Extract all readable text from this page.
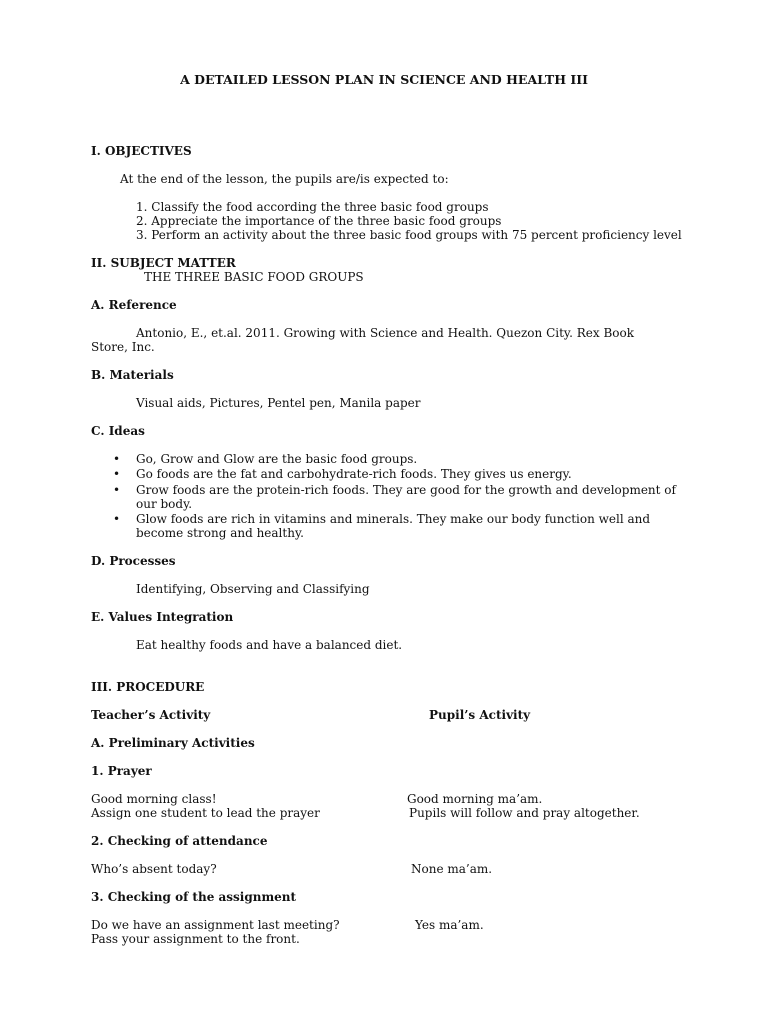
A DETAILED LESSON PLAN IN SCIENCE AND HEALTH III
I. OBJECTIVES
At the end of the lesson, the pupils are/is expected to:
1. Classify the food according the three basic food groups
2. Appreciate the importance of the three basic food groups
3. Perform an activity about the three basic food groups with 75 percent proficiency level
II. SUBJECT MATTER
THE THREE BASIC FOOD GROUPS
A. Reference
Antonio, E., et.al. 2011. Growing with Science and Health. Quezon City. Rex Book
Store, Inc.
B. Materials
Visual aids, Pictures, Pentel pen, Manila paper
C. Ideas
• Go, Grow and Glow are the basic food groups.
• Go foods are the fat and carbohydrate-rich foods. They gives us energy.
• Grow foods are the protein-rich foods. They are good for the growth and development of our body.
• Glow foods are rich in vitamins and minerals. They make our body function well and become strong and healthy.
D. Processes
Identifying, Observing and Classifying
E. Values Integration
Eat healthy foods and have a balanced diet.
III. PROCEDURE
Teacher’s Activity	Pupil’s Activity
A. Preliminary Activities
1. Prayer
Good morning class!	Good morning ma’am.
Assign one student to lead the prayer	Pupils will follow and pray altogether.
2. Checking of attendance
Who’s absent today?	None ma’am.
3. Checking of the assignment
Do we have an assignment last meeting?	Yes ma’am.
Pass your assignment to the front.
